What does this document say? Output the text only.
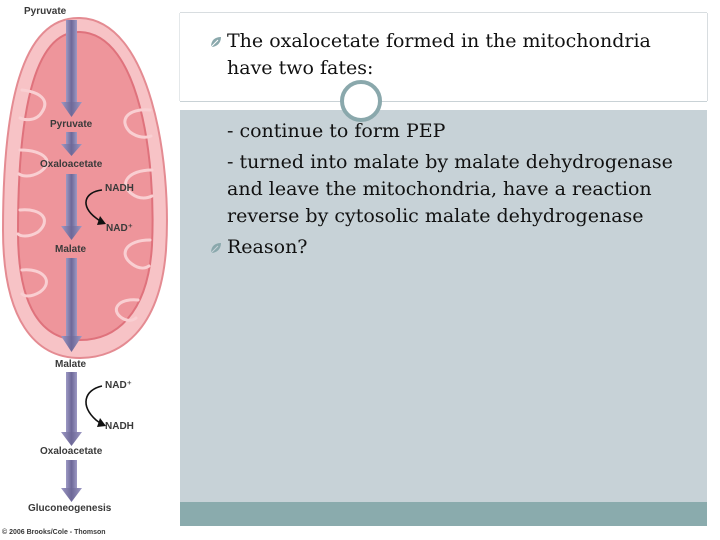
Pyruvate
Pyruvate
Oxaloacetate
NADH
NAD⁺
Malate
Malate
NAD⁺
NADH
Oxaloacetate
Gluconeogenesis
© 2006 Brooks/Cole - Thomson
The oxalocetate formed in the mitochondria
have two fates:
- continue to form PEP
- turned into malate by malate dehydrogenase
and leave the mitochondria, have a reaction
reverse by cytosolic malate dehydrogenase
Reason?
